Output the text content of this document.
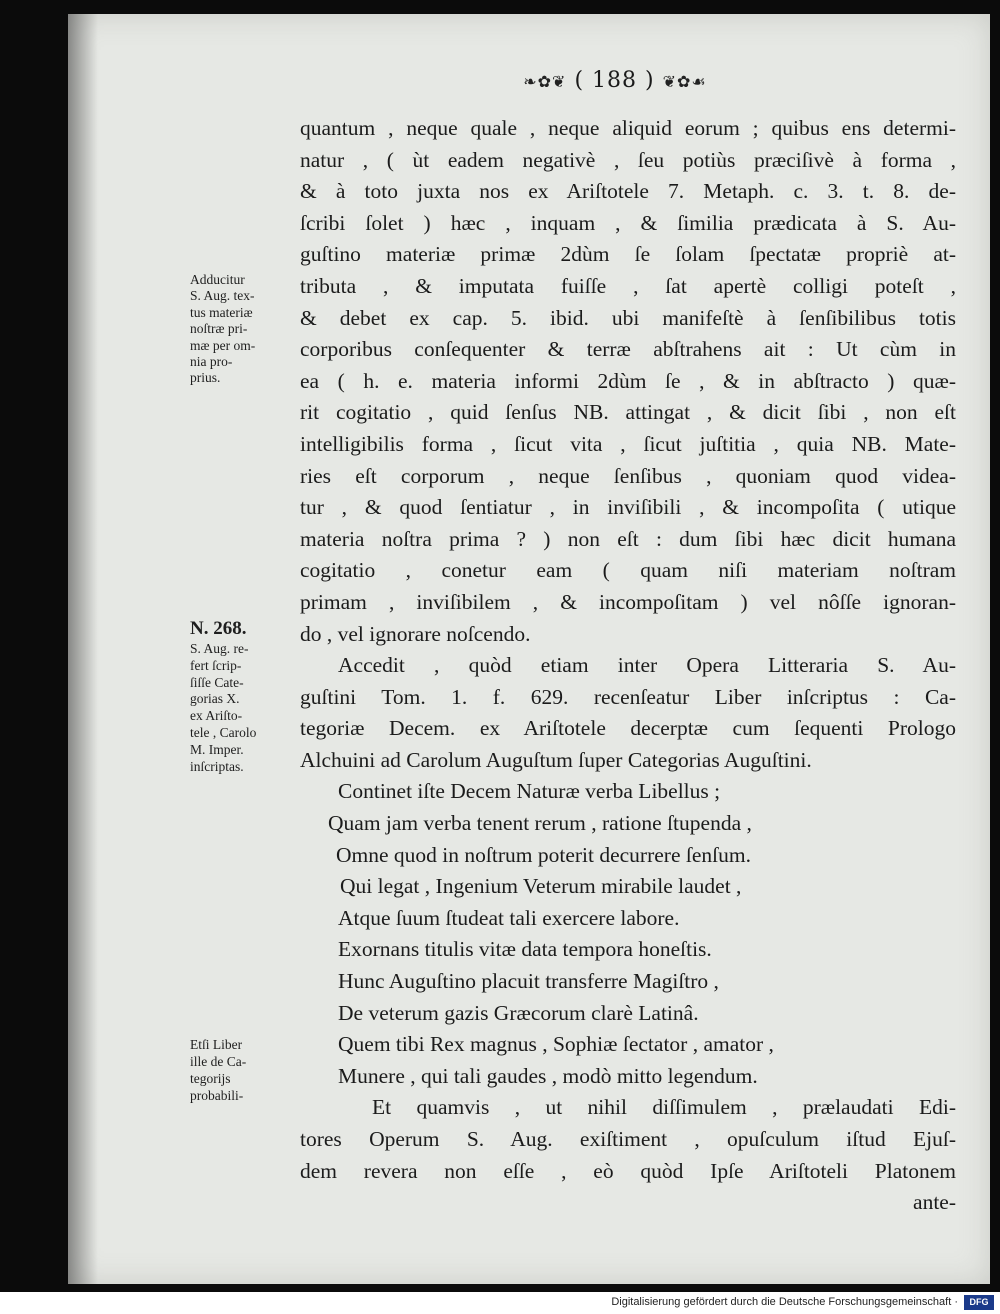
❧✿❦ ( 188 ) ❦✿☙
Adducitur
S. Aug. tex-
tus materiæ
noſtræ pri-
mæ per om-
nia pro-
prius.
N. 268.
S. Aug. re-
fert ſcrip-
ſiſſe Cate-
gorias X.
ex Ariſto-
tele , Carolo
M. Imper.
inſcriptas.
Etſi Liber
ille de Ca-
tegorijs
probabili-
quantum , neque quale , neque aliquid eorum ; quibus ens determi-
natur , ( ùt eadem negativè , ſeu potiùs præciſivè à forma ,
& à toto juxta nos ex Ariſtotele 7. Metaph. c. 3. t. 8. de-
ſcribi ſolet ) hæc , inquam , & ſimilia prædicata à S. Au-
guſtino materiæ primæ 2dùm ſe ſolam ſpectatæ propriè at-
tributa , & imputata fuiſſe , ſat apertè colligi poteſt ,
& debet ex cap. 5. ibid. ubi manifeſtè à ſenſibilibus totis
corporibus conſequenter & terræ abſtrahens ait : Ut cùm in
ea ( h. e. materia informi 2dùm ſe , & in abſtracto ) quæ-
rit cogitatio , quid ſenſus NB. attingat , & dicit ſibi , non eſt
intelligibilis forma , ſicut vita , ſicut juſtitia , quia NB. Mate-
ries eſt corporum , neque ſenſibus , quoniam quod videa-
tur , & quod ſentiatur , in inviſibili , & incompoſita ( utique
materia noſtra prima ? ) non eſt : dum ſibi hæc dicit humana
cogitatio , conetur eam ( quam niſi materiam noſtram
primam , inviſibilem , & incompoſitam ) vel nôſſe ignoran-
do , vel ignorare noſcendo.
Accedit , quòd etiam inter Opera Litteraria S. Au-
guſtini Tom. 1. f. 629. recenſeatur Liber inſcriptus : Ca-
tegoriæ Decem. ex Ariſtotele decerptæ cum ſequenti Prologo
Alchuini ad Carolum Auguſtum ſuper Categorias Auguſtini.
Continet iſte Decem Naturæ verba Libellus ;
Quam jam verba tenent rerum , ratione ſtupenda ,
Omne quod in noſtrum poterit decurrere ſenſum.
Qui legat , Ingenium Veterum mirabile laudet ,
Atque ſuum ſtudeat tali exercere labore.
Exornans titulis vitæ data tempora honeſtis.
Hunc Auguſtino placuit transferre Magiſtro ,
De veterum gazis Græcorum clarè Latinâ.
Quem tibi Rex magnus , Sophiæ ſectator , amator ,
Munere , qui tali gaudes , modò mitto legendum.
Et quamvis , ut nihil diſſimulem , prælaudati Edi-
tores Operum S. Aug. exiſtiment , opuſculum iſtud Ejuſ-
dem revera non eſſe , eò quòd Ipſe Ariſtoteli Platonem
ante-
Digitalisierung gefördert durch die Deutsche Forschungsgemeinschaft ·	DFG
